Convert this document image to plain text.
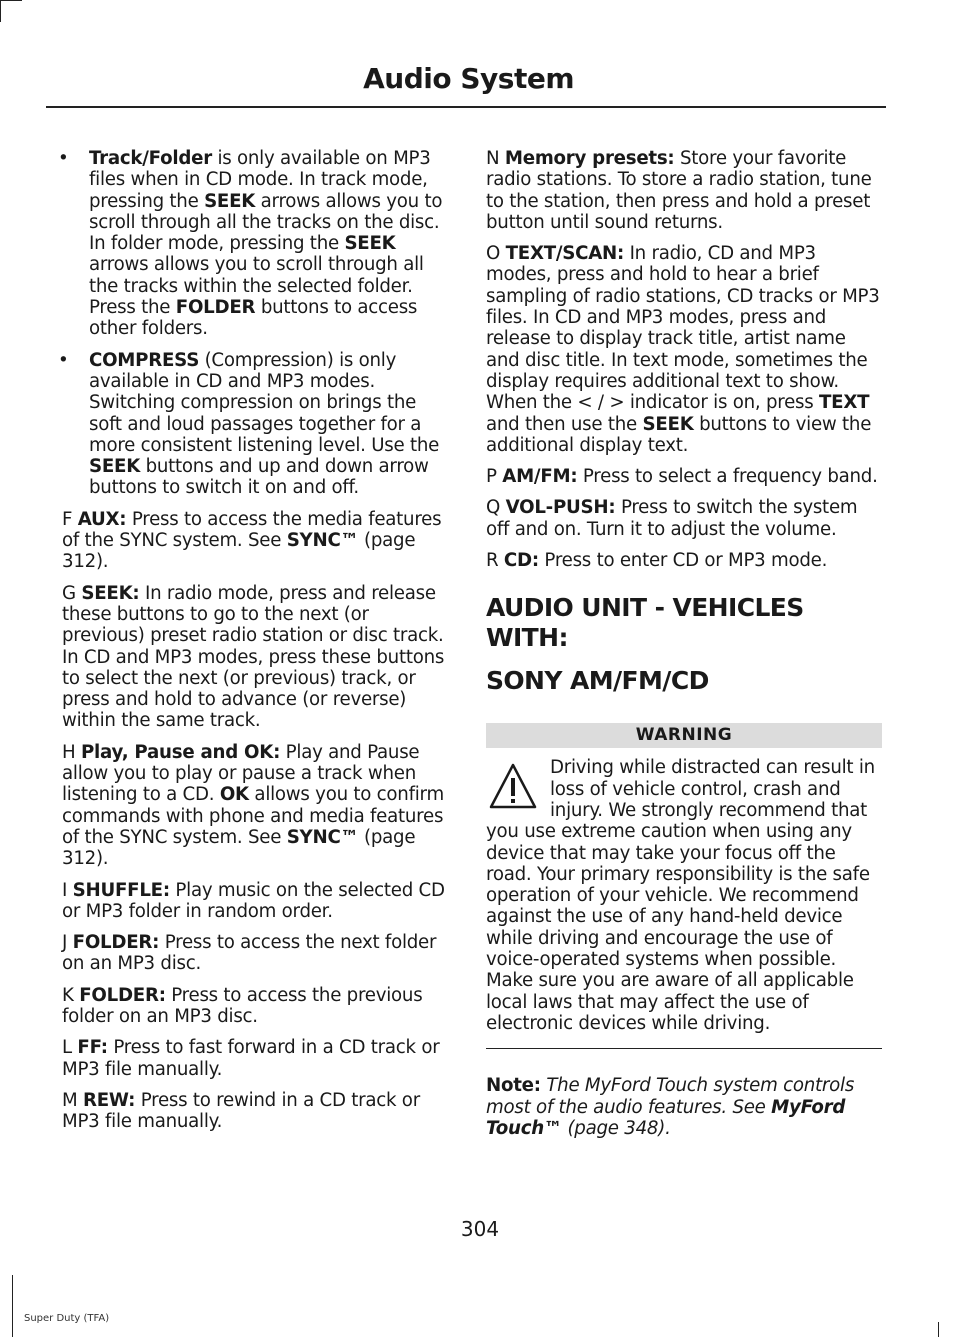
Audio System
• Track/Folder is only available on MP3 files when in CD mode. In track mode, pressing the SEEK arrows allows you to scroll through all the tracks on the disc. In folder mode, pressing the SEEK arrows allows you to scroll through all the tracks within the selected folder. Press the FOLDER buttons to access other folders.
• COMPRESS (Compression) is only available in CD and MP3 modes. Switching compression on brings the soft and loud passages together for a more consistent listening level. Use the SEEK buttons and up and down arrow buttons to switch it on and off.

F AUX: Press to access the media features of the SYNC system. See SYNC™ (page 312).

G SEEK: In radio mode, press and release these buttons to go to the next (or previous) preset radio station or disc track. In CD and MP3 modes, press these buttons to select the next (or previous) track, or press and hold to advance (or reverse) within the same track.

H Play, Pause and OK: Play and Pause allow you to play or pause a track when listening to a CD. OK allows you to confirm commands with phone and media features of the SYNC system. See SYNC™ (page 312).

I SHUFFLE: Play music on the selected CD or MP3 folder in random order.

J FOLDER: Press to access the next folder on an MP3 disc.

K FOLDER: Press to access the previous folder on an MP3 disc.

L FF: Press to fast forward in a CD track or MP3 file manually.

M REW: Press to rewind in a CD track or MP3 file manually.

N Memory presets: Store your favorite radio stations. To store a radio station, tune to the station, then press and hold a preset button until sound returns.

O TEXT/SCAN: In radio, CD and MP3 modes, press and hold to hear a brief sampling of radio stations, CD tracks or MP3 files. In CD and MP3 modes, press and release to display track title, artist name and disc title. In text mode, sometimes the display requires additional text to show. When the < / > indicator is on, press TEXT and then use the SEEK buttons to view the additional display text.

P AM/FM: Press to select a frequency band.

Q VOL-PUSH: Press to switch the system off and on. Turn it to adjust the volume.

R CD: Press to enter CD or MP3 mode.

AUDIO UNIT - VEHICLES WITH:
SONY AM/FM/CD
WARNING

Driving while distracted can result in loss of vehicle control, crash and injury. We strongly recommend that you use extreme caution when using any device that may take your focus off the road. Your primary responsibility is the safe operation of your vehicle. We recommend against the use of any hand-held device while driving and encourage the use of voice-operated systems when possible. Make sure you are aware of all applicable local laws that may affect the use of electronic devices while driving.

Note: The MyFord Touch system controls most of the audio features. See MyFord Touch™ (page 348).

304
Super Duty (TFA)
